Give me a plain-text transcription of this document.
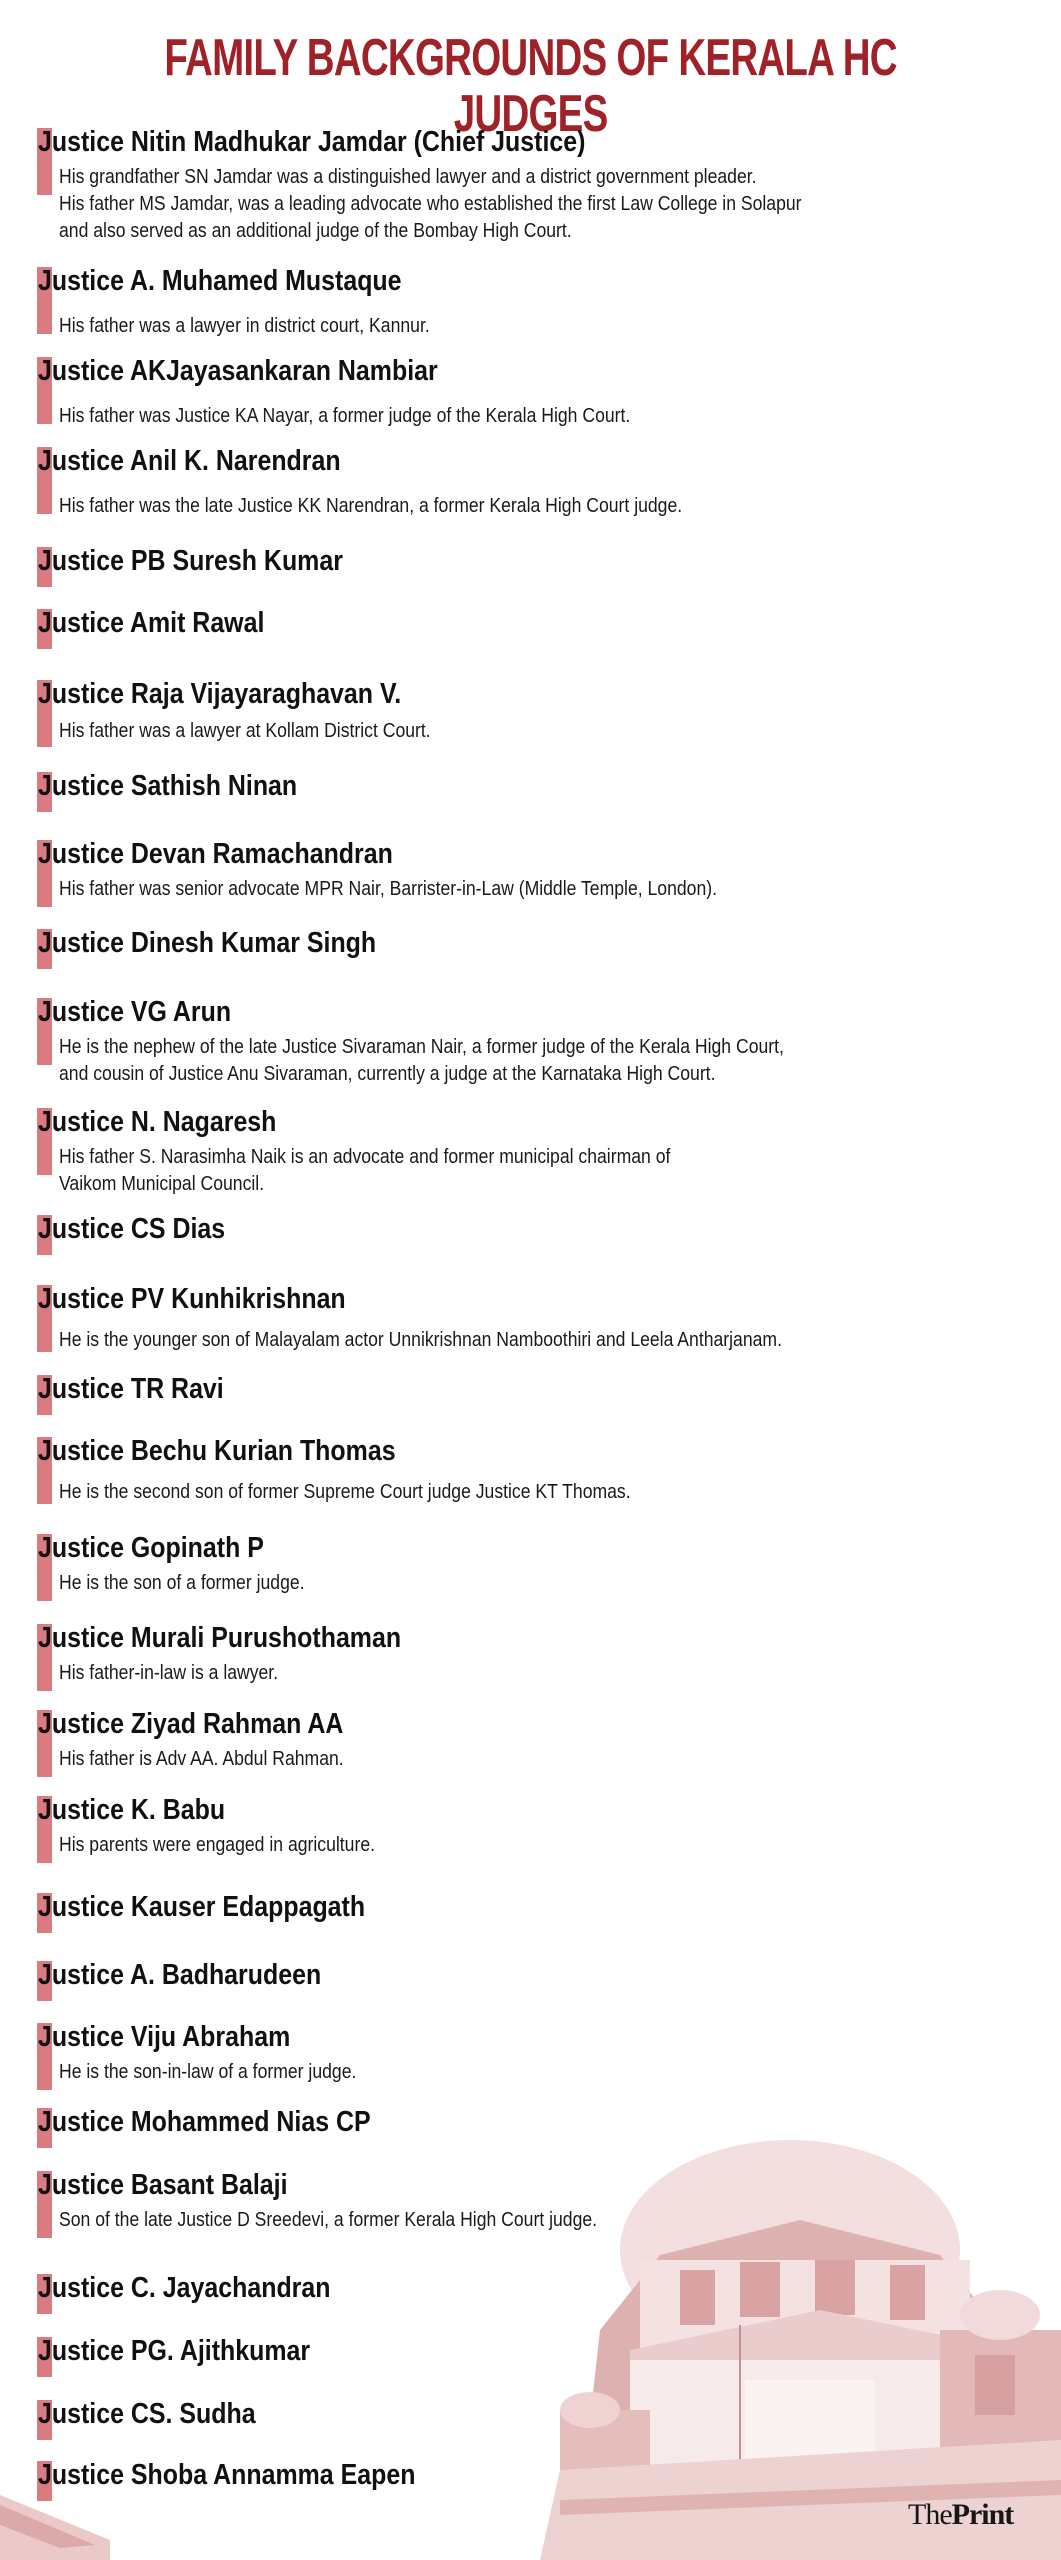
FAMILY BACKGROUNDS OF KERALA HC JUDGES
Justice Nitin Madhukar Jamdar (Chief Justice)
His grandfather SN Jamdar was a distinguished lawyer and a district government pleader.
His father MS Jamdar, was a leading advocate who established the first Law College in Solapur
and also served as an additional judge of the Bombay High Court.
Justice A. Muhamed Mustaque
His father was a lawyer in district court, Kannur.
Justice AKJayasankaran Nambiar
His father was Justice KA Nayar, a former judge of the Kerala High Court.
Justice Anil K. Narendran
His father was the late Justice KK Narendran, a former Kerala High Court judge.
Justice PB Suresh Kumar
Justice Amit Rawal
Justice Raja Vijayaraghavan V.
His father was a lawyer at Kollam District Court.
Justice Sathish Ninan
Justice Devan Ramachandran
His father was senior advocate MPR Nair, Barrister-in-Law (Middle Temple, London).
Justice Dinesh Kumar Singh
Justice VG Arun
He is the nephew of the late Justice Sivaraman Nair, a former judge of the Kerala High Court,
and cousin of Justice Anu Sivaraman, currently a judge at the Karnataka High Court.
Justice N. Nagaresh
His father S. Narasimha Naik is an advocate and former municipal chairman of
Vaikom Municipal Council.
Justice CS Dias
Justice PV Kunhikrishnan
He is the younger son of Malayalam actor Unnikrishnan Namboothiri and Leela Antharjanam.
Justice TR Ravi
Justice Bechu Kurian Thomas
He is the second son of former Supreme Court judge Justice KT Thomas.
Justice Gopinath P
He is the son of a former judge.
Justice Murali Purushothaman
His father-in-law is a lawyer.
Justice Ziyad Rahman AA
His father is Adv AA. Abdul Rahman.
Justice K. Babu
His parents were engaged in agriculture.
Justice Kauser Edappagath
Justice A. Badharudeen
Justice Viju Abraham
He is the son-in-law of a former judge.
Justice Mohammed Nias CP
Justice Basant Balaji
Son of the late Justice D Sreedevi, a former Kerala High Court judge.
Justice C. Jayachandran
Justice PG. Ajithkumar
Justice CS. Sudha
Justice Shoba Annamma Eapen
ThePrint
